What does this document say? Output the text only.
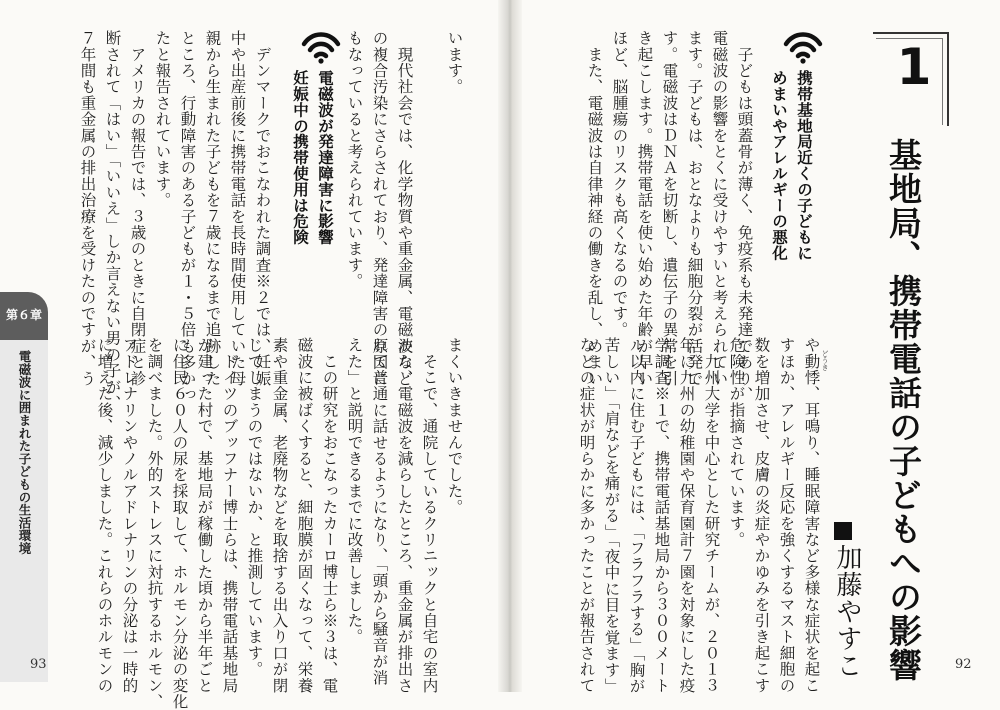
1
基地局、携帯電話の子どもへの影響
加藤やすこ
携帯基地局近くの子どもに
めまいやアレルギーの悪化
　子どもは頭蓋骨が薄く、免疫系も未発達であり、
電磁波の影響をとくに受けやすいと考えられてい
ます。子どもは、おとなよりも細胞分裂が活発で
す。電磁波はＤＮＡを切断し、遺伝子の異常を引
き起こします。携帯電話を使い始めた年齢が早い
ほど、脳腫瘍のリスクも高くなるのです。
　また、電磁波は自律神経の働きを乱し、めまい	どうき
や動悸、耳鳴り、睡眠障害など多様な症状を起こ
すほか、アレルギー反応を強くするマスト細胞の
数を増加させ、皮膚の炎症やかゆみを引き起こす
危険性が指摘されています。
　九州大学を中心とした研究チームが、２０１３
年に九州の幼稚園や保育園計７園を対象にした疫
学調査※１で、携帯電話基地局から３００メート
ル以内に住む子どもには、「フラフラする」「胸が
苦しい」「肩などを痛がる」「夜中に目を覚ます」
などの症状が明らかに多かったことが報告されて	92
います。
　現代社会では、化学物質や重金属、電磁波など
の複合汚染にさらされており、発達障害の原因に
もなっていると考えられています。
電磁波が発達障害に影響
妊娠中の携帯使用は危険
　デンマークでおこなわれた調査※２では、妊娠
中や出産前後に携帯電話を長時間使用していた母
親から生まれた子どもを７歳になるまで追跡した
ところ、行動障害のある子どもが１・５倍も多かっ
たと報告されています。
　アメリカの報告では、３歳のときに自閉症と診
断されて「はい」「いいえ」しか言えない男の子が、
７年間も重金属の排出治療を受けたのですが、う
まくいきませんでした。
　そこで、通院しているクリニックと自宅の室内
から、電磁波を減らしたところ、重金属が排出さ
れて普通に話せるようになり、「頭から騒音が消
えた」と説明できるまでに改善しました。
　この研究をおこなったカーロ博士ら※３は、電
磁波に被ばくすると、細胞膜が固くなって、栄養
素や重金属、老廃物などを取捨する出入り口が閉
じてしまうのではないか、と推測しています。
　ドイツのブッフナー博士らは、携帯電話基地局
が建った村で、基地局が稼働した頃から半年ごと
に住民６０人の尿を採取して、ホルモン分泌の変化
を調べました。外的ストレスに対抗するホルモン、
アドレナリンやノルアドレナリンの分泌は一時的
に増えた後、減少しました。これらのホルモンの
第６章
電磁波に囲まれた子どもの生活環境
93
